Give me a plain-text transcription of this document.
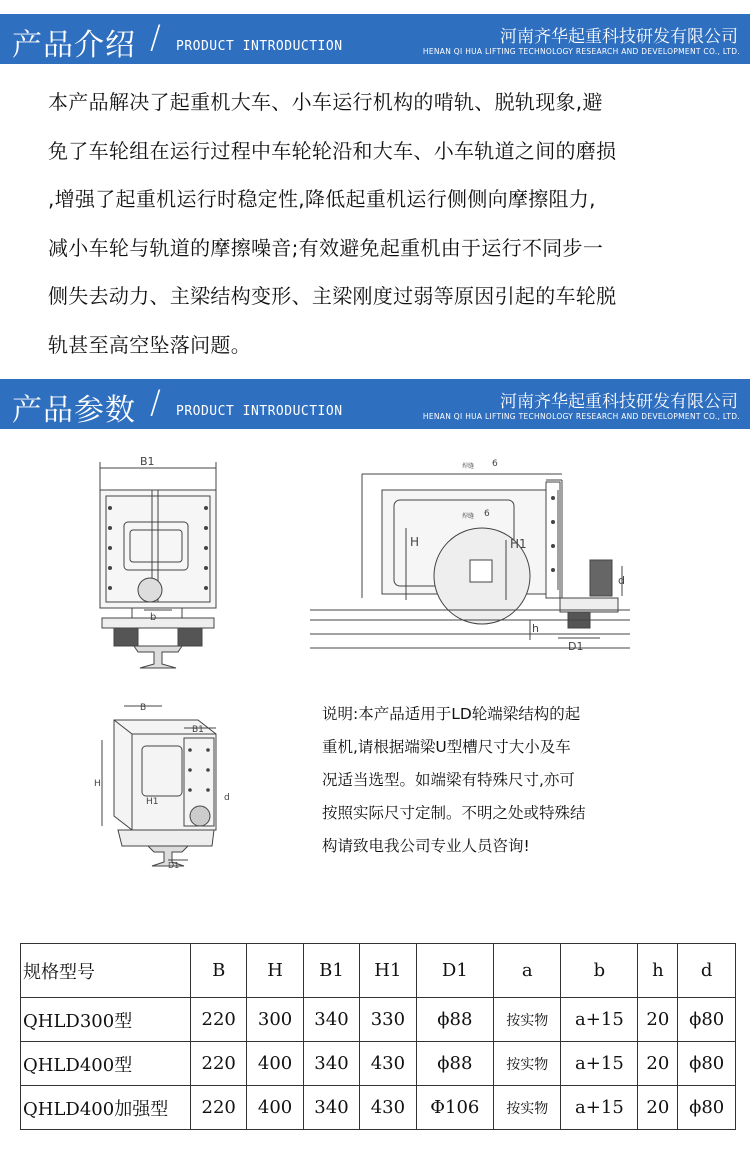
产品介绍 / PRODUCT INTRODUCTION	河南齐华起重科技研发有限公司
HENAN QI HUA LIFTING TECHNOLOGY RESEARCH AND DEVELOPMENT CO., LTD.

本产品解决了起重机大车、小车运行机构的啃轨、脱轨现象,避

免了车轮组在运行过程中车轮轮沿和大车、小车轨道之间的磨损

,增强了起重机运行时稳定性,降低起重机运行侧侧向摩擦阻力,

减小车轮与轨道的摩擦噪音;有效避免起重机由于运行不同步一

侧失去动力、主梁结构变形、主梁刚度过弱等原因引起的车轮脱

轨甚至高空坠落问题。

产品参数 / PRODUCT INTRODUCTION	河南齐华起重科技研发有限公司
HENAN QI HUA LIFTING TECHNOLOGY RESEARCH AND DEVELOPMENT CO., LTD.
B1
b
6
6
焊缝
焊缝
H	H1
d
D1
h
B
B1
H
H1	d
D1

说明:本产品适用于LD轮端梁结构的起

重机,请根据端梁U型槽尺寸大小及车

况适当选型。如端梁有特殊尺寸,亦可

按照实际尺寸定制。不明之处或特殊结

构请致电我公司专业人员咨询!

规格型号	B	H	B1	H1	D1	a	b	h	d
QHLD300型	220	300	340	330	ϕ88	按实物	a+15	20	ϕ80
QHLD400型	220	400	340	430	ϕ88	按实物	a+15	20	ϕ80
QHLD400加强型	220	400	340	430	Φ106	按实物	a+15	20	ϕ80
